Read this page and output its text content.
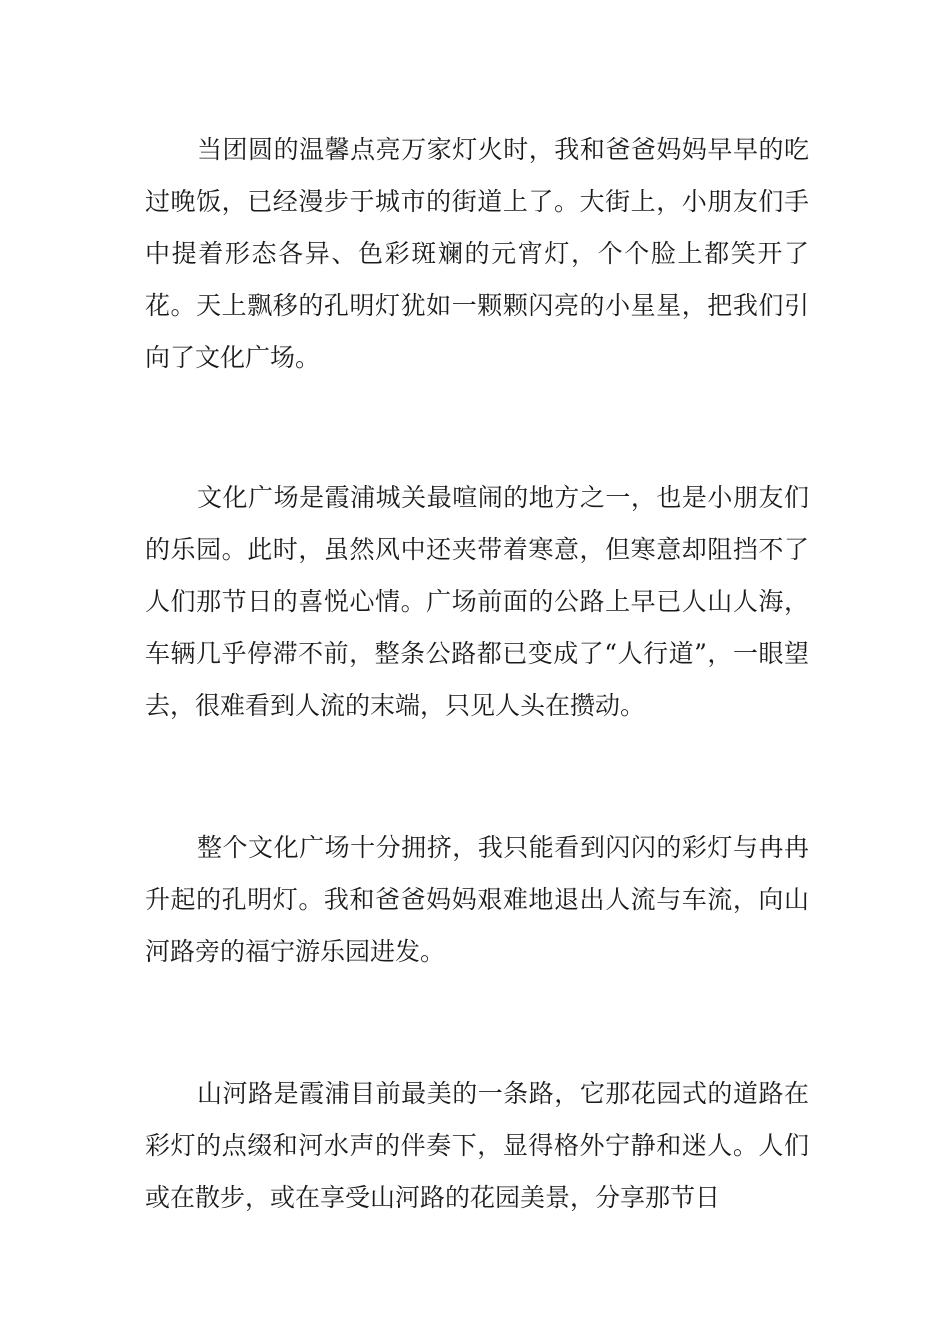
当团圆的温馨点亮万家灯火时，我和爸爸妈妈早早的吃过晚饭，已经漫步于城市的街道上了。大街上，小朋友们手中提着形态各异、色彩斑斓的元宵灯，个个脸上都笑开了花。天上飘移的孔明灯犹如一颗颗闪亮的小星星，把我们引向了文化广场。

文化广场是霞浦城关最喧闹的地方之一，也是小朋友们的乐园。此时，虽然风中还夹带着寒意，但寒意却阻挡不了人们那节日的喜悦心情。广场前面的公路上早已人山人海，车辆几乎停滞不前，整条公路都已变成了“人行道”，一眼望去，很难看到人流的末端，只见人头在攒动。

整个文化广场十分拥挤，我只能看到闪闪的彩灯与冉冉升起的孔明灯。我和爸爸妈妈艰难地退出人流与车流，向山河路旁的福宁游乐园进发。

山河路是霞浦目前最美的一条路，它那花园式的道路在彩灯的点缀和河水声的伴奏下，显得格外宁静和迷人。人们或在散步，或在享受山河路的花园美景，分享那节日
